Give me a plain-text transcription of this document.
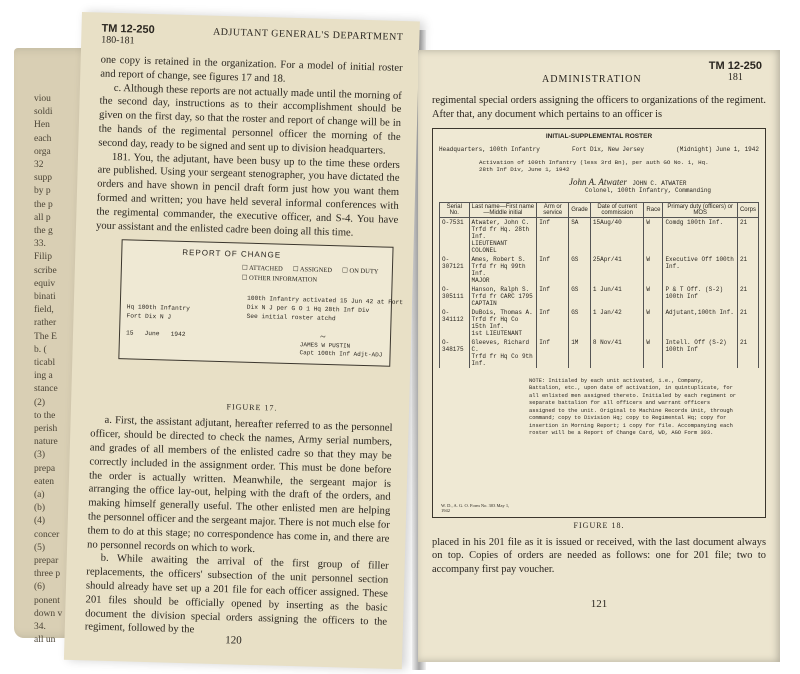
viou
soldi
Hen
each
orga
32
supp
by p
the p
all p
the g
33.
Filip
scribe
equiv
binati
field,
rather
The E
b. (
ticabl
ing a
stance
(2)
to the
perish
nature
(3)
prepa
eaten
(a)
(b)
(4)
concer
(5)
prepar
three p
(6)
ponent
down v
34.
all un
TM 12-250
180-181	ADJUTANT GENERAL'S DEPARTMENT

one copy is retained in the organization. For a model of initial roster and report of change, see figures 17 and 18.

c. Although these reports are not actually made until the morning of the second day, instructions as to their accomplishment should be given on the first day, so that the roster and report of change will be in the hands of the regimental personnel officer the morning of the second day, ready to be signed and sent up to division headquarters.

181. You, the adjutant, have been busy up to the time these orders are published. Using your sergeant stenographer, you have dictated the orders and have shown in pencil draft form just how you want them formed and written; you have held several informal conferences with the regimental commander, the executive officer, and S-4. You have your assistant and the enlisted cadre been doing all this time.

REPORT OF CHANGE
☐ ATTACHED ☐ ASSIGNED ☐ ON DUTY
☐ OTHER INFORMATION
100th Infantry activated 15 Jun 42 at Fort Dix N J per G O 1 Hq 28th Inf Div
See initial roster atchd
Hq 100th Infantry
Fort Dix N J
15 June 1942	~
JAMES W PUSTIN
Capt 100th Inf Adjt-ADJ
FIGURE 17.

a. First, the assistant adjutant, hereafter referred to as the personnel officer, should be directed to check the names, Army serial numbers, and grades of all members of the enlisted cadre so that they may be correctly included in the assignment order. This must be done before the order is actually written. Meanwhile, the sergeant major is arranging the office lay-out, helping with the draft of the orders, and making himself generally useful. The other enlisted men are helping the personnel officer and the sergeant major. There is not much else for them to do at this stage; no correspondence has come in, and there are no personnel records on which to work.

b. While awaiting the arrival of the first group of filler replacements, the officers' subsection of the unit personnel section should already have set up a 201 file for each officer assigned. These 201 files should be officially opened by inserting as the basic document the division special orders assigning the officers to the regiment, followed by the

120
ADMINISTRATION
TM 12-250
181

regimental special orders assigning the officers to organizations of the regiment. After that, any document which pertains to an officer is

INITIAL-SUPPLEMENTAL ROSTER
Headquarters, 100th Infantry	Fort Dix, New Jersey	(Midnight) June 1, 1942
Activation of 100th Infantry (less 3rd Bn), per auth GO No. 1, Hq. 28th Inf Div, June 1, 1942
John A. Atwater JOHN C. ATWATER
Colonel, 100th Infantry, Commanding
Serial No.	Last name—First name—Middle initial	Arm or service	Grade	Date of current commission	Race	Primary duty (officers) or MOS	Corps
O-7531	Atwater, John C.
Trfd fr Hq. 28th Inf.
LIEUTENANT COLONEL	Inf	SA	15Aug/40	W	Comdg 100th Inf.	21
O-307121	Ames, Robert S.
Trfd fr Hq 99th Inf.
MAJOR	Inf	GS	25Apr/41	W	Executive Off 100th Inf.	21
O-305111	Hanson, Ralph S.
Trfd fr CARC 1795
CAPTAIN	Inf	GS	1 Jun/41	W	P & T Off. (S-2) 100th Inf	21
O-341112	DuBois, Thomas A.
Trfd fr Hq Co 15th Inf.
1st LIEUTENANT	Inf	GS	1 Jan/42	W	Adjutant,100th Inf.	21
O-348175	Gleeves, Richard C.
Trfd fr Hq Co 9th Inf.	Inf	1M	8 Nov/41	W	Intell. Off (S-2) 100th Inf	21
NOTE: Initialed by each unit activated, i.e., Company, Battalion, etc., upon date of activation, in quintuplicate, for all enlisted men assigned thereto. Initialed by each regiment or separate battalion for all officers and warrant officers assigned to the unit. Original to Machine Records Unit, through command; copy to Division Hq; copy to Regimental Hq; copy for insertion in Morning Report; 1 copy for file. Accompanying each roster will be a Report of Change Card, WD, AGO Form 303.
W. D., A. G. O. Form No. 303 May 1, 1942
FIGURE 18.

placed in his 201 file as it is issued or received, with the last document always on top. Copies of orders are needed as follows: one for 201 file; two to accompany first pay voucher.

121
